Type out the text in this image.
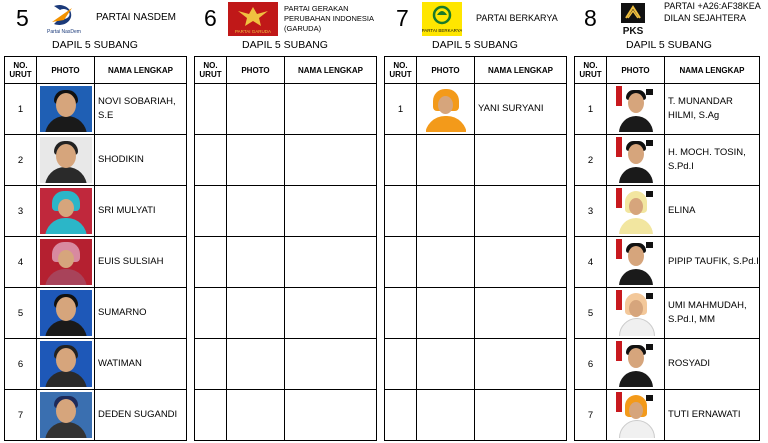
5
Partai NasDem
PARTAI NASDEM
DAPIL 5 SUBANG
NO. URUT	PHOTO	NAMA LENGKAP
1		NOVI SOBARIAH, S.E
2		SHODIKIN
3		SRI MULYATI
4		EUIS SULSIAH
5		SUMARNO
6		WATIMAN
7		DEDEN SUGANDI
6
PARTAI GARUDA
PARTAI GERAKAN PERUBAHAN INDONESIA (GARUDA)
DAPIL 5 SUBANG
NO. URUT	PHOTO	NAMA LENGKAP

7	PARTAI BERKARYA
PARTAI BERKARYA
DAPIL 5 SUBANG
NO. URUT	PHOTO	NAMA LENGKAP
1		YANI SURYANI

8
PKS
PARTAI +A26:AF38KEADILAN SEJAHTERA
DAPIL 5 SUBANG
NO. URUT	PHOTO	NAMA LENGKAP
1		T. MUNANDAR HILMI, S.Ag
2		H. MOCH. TOSIN, S.Pd.I
3		ELINA
4		PIPIP TAUFIK, S.Pd.I
5		UMI MAHMUDAH, S.Pd.I, MM
6		ROSYADI
7		TUTI ERNAWATI
